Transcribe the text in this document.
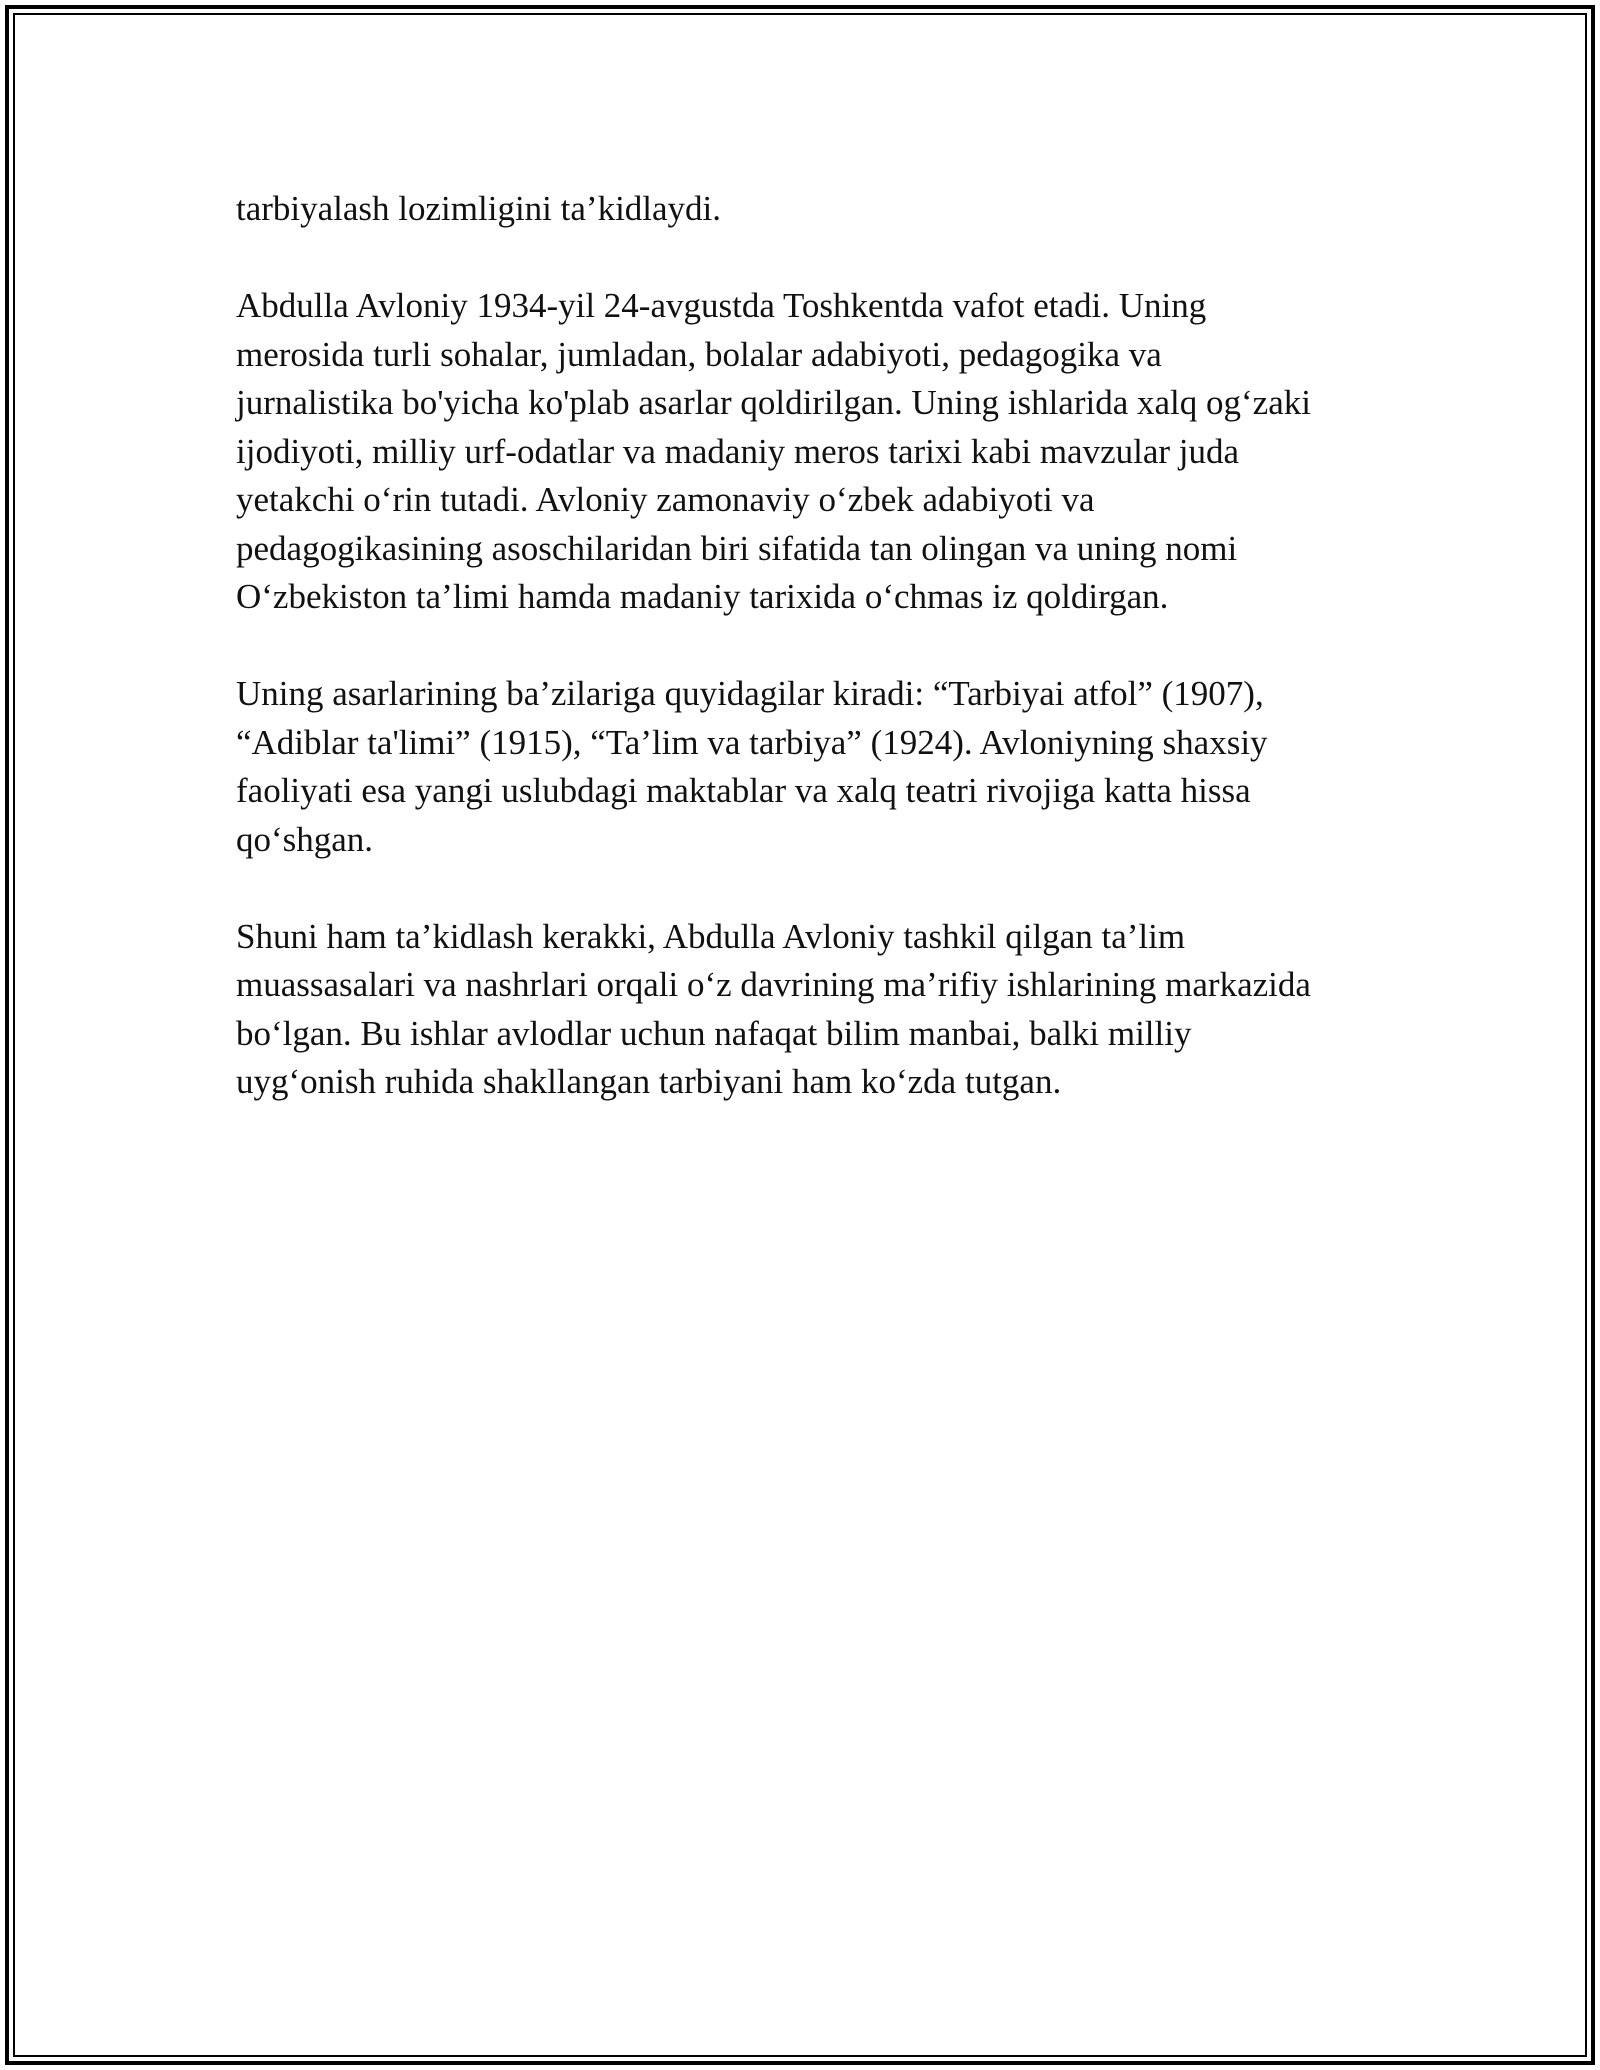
tarbiyalash lozimligini ta’kidlaydi.

Abdulla Avloniy 1934-yil 24-avgustda Toshkentda vafot etadi. Uning
merosida turli sohalar, jumladan, bolalar adabiyoti, pedagogika va
jurnalistika bo'yicha ko'plab asarlar qoldirilgan. Uning ishlarida xalq og‘zaki
ijodiyoti, milliy urf-odatlar va madaniy meros tarixi kabi mavzular juda
yetakchi o‘rin tutadi. Avloniy zamonaviy o‘zbek adabiyoti va
pedagogikasining asoschilaridan biri sifatida tan olingan va uning nomi
O‘zbekiston ta’limi hamda madaniy tarixida o‘chmas iz qoldirgan.

Uning asarlarining ba’zilariga quyidagilar kiradi: “Tarbiyai atfol” (1907),
“Adiblar ta'limi” (1915), “Ta’lim va tarbiya” (1924). Avloniyning shaxsiy
faoliyati esa yangi uslubdagi maktablar va xalq teatri rivojiga katta hissa
qo‘shgan.

Shuni ham ta’kidlash kerakki, Abdulla Avloniy tashkil qilgan ta’lim
muassasalari va nashrlari orqali o‘z davrining ma’rifiy ishlarining markazida
bo‘lgan. Bu ishlar avlodlar uchun nafaqat bilim manbai, balki milliy
uyg‘onish ruhida shakllangan tarbiyani ham ko‘zda tutgan.
